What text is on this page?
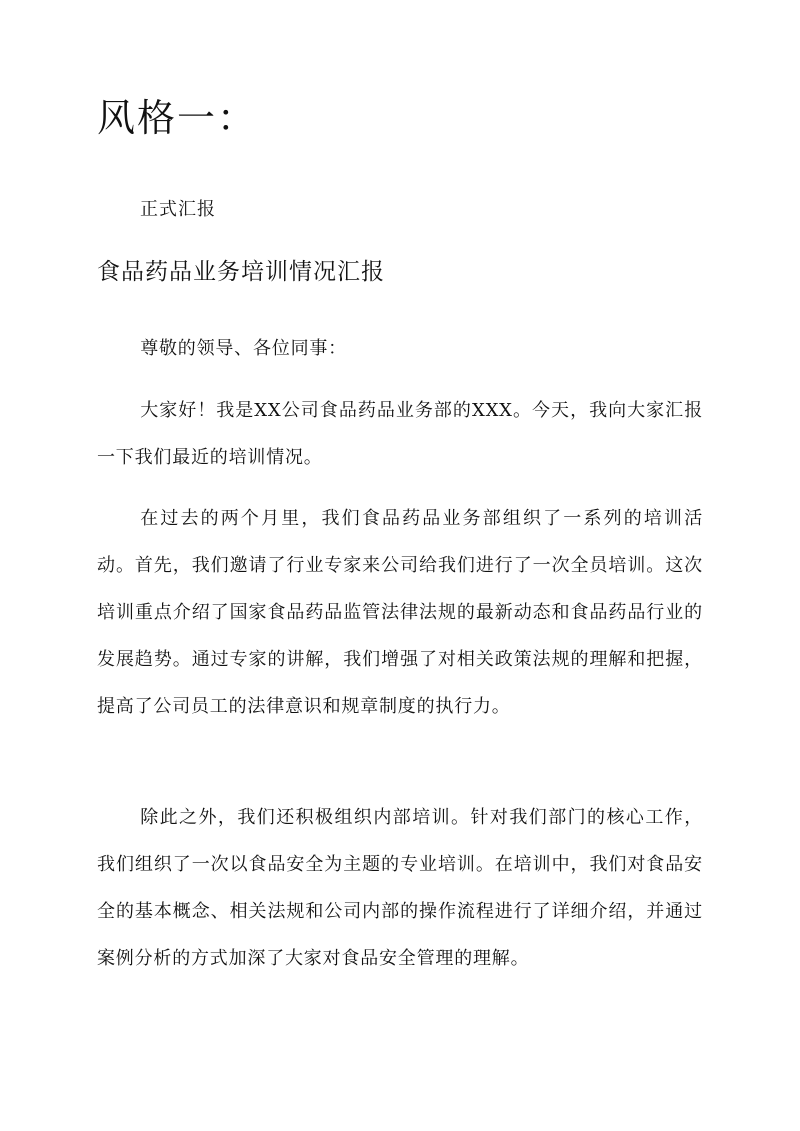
风格一：

正式汇报

食品药品业务培训情况汇报

尊敬的领导、各位同事：

大家好！我是XX公司食品药品业务部的XXX。今天，我向大家汇报一下我们最近的培训情况。

在过去的两个月里，我们食品药品业务部组织了一系列的培训活动。首先，我们邀请了行业专家来公司给我们进行了一次全员培训。这次培训重点介绍了国家食品药品监管法律法规的最新动态和食品药品行业的发展趋势。通过专家的讲解，我们增强了对相关政策法规的理解和把握，提高了公司员工的法律意识和规章制度的执行力。

除此之外，我们还积极组织内部培训。针对我们部门的核心工作，我们组织了一次以食品安全为主题的专业培训。在培训中，我们对食品安全的基本概念、相关法规和公司内部的操作流程进行了详细介绍，并通过案例分析的方式加深了大家对食品安全管理的理解。
